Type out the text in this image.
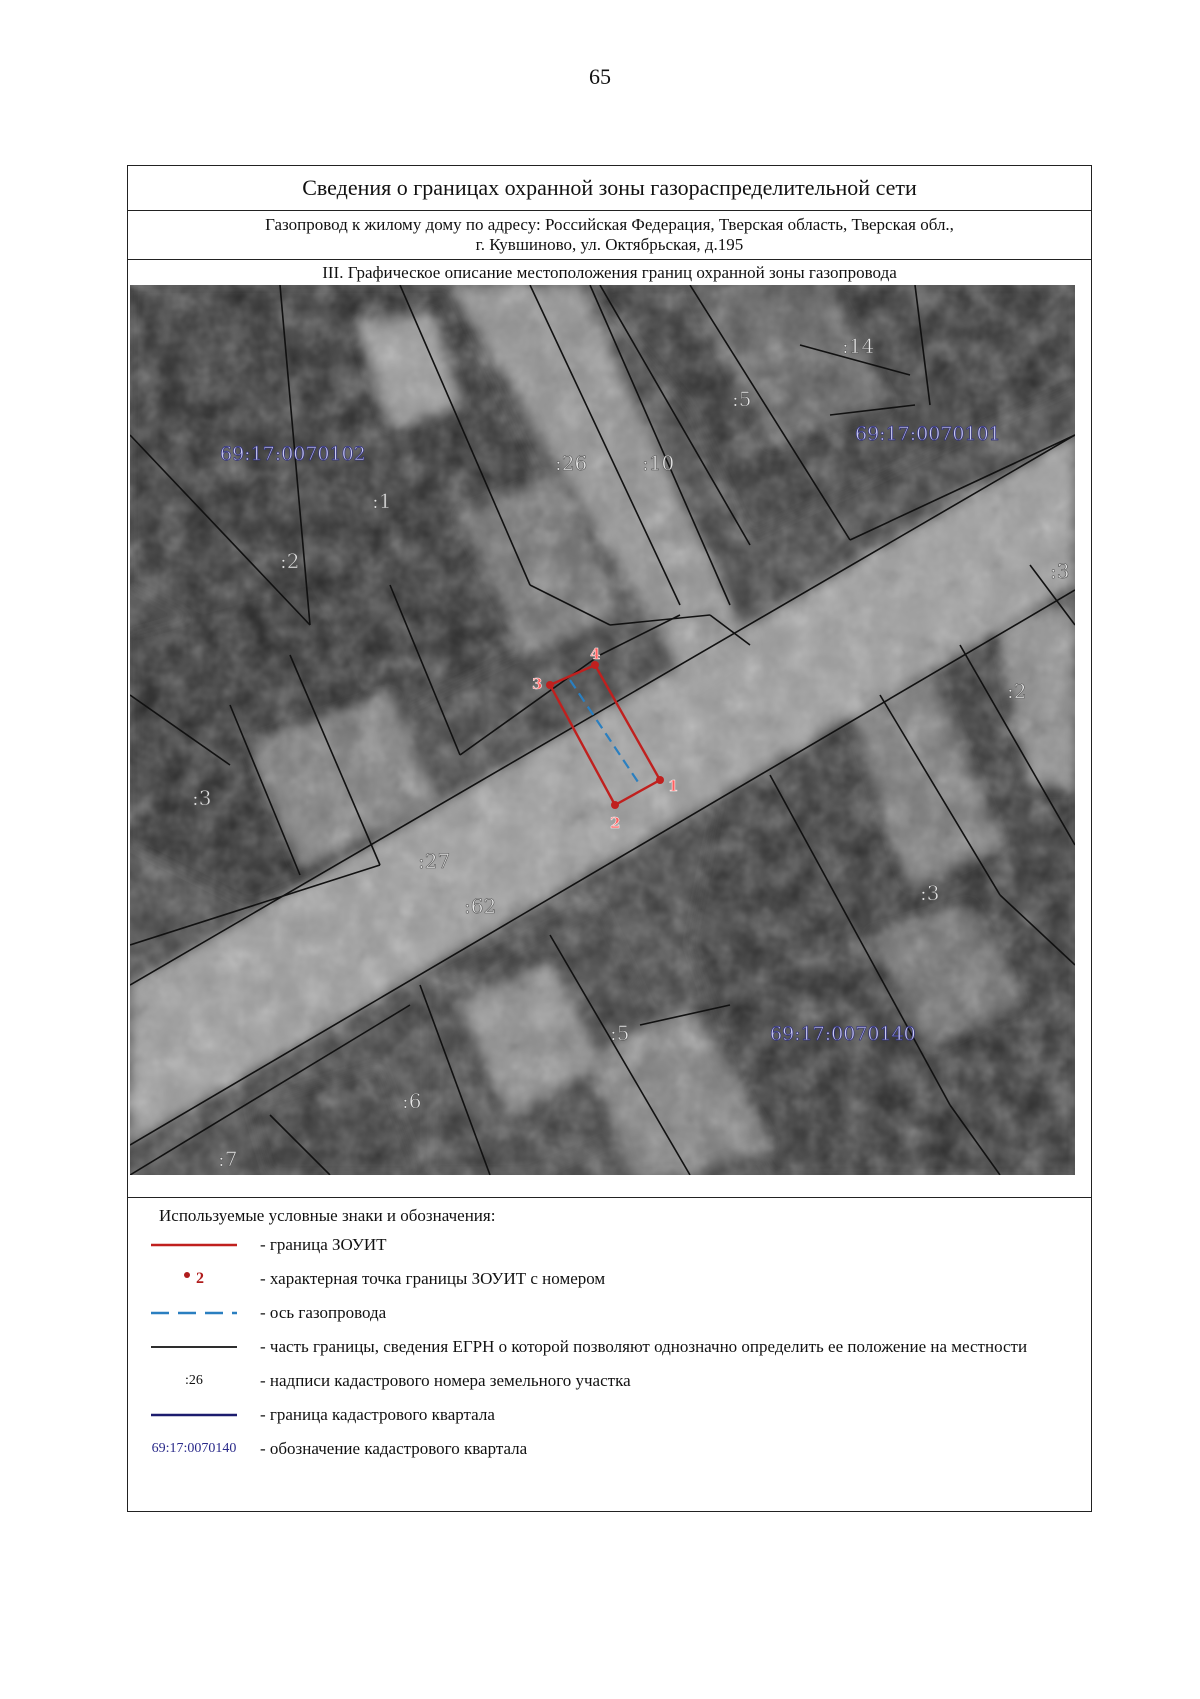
65
Сведения о границах охранной зоны газораспределительной сети
Газопровод к жилому дому по адресу: Российская Федерация, Тверская область, Тверская обл.,
г. Кувшиново, ул. Октябрьская, д.195
III. Графическое описание местоположения границ охранной зоны газопровода
1
2
3
4
:14
:5
:10
:26
:1
:2	:3
:2
:3
:3
:27
:62
:5
:6
:7
69:17:0070102
69:17:0070101
69:17:0070140
Используемые условные знаки и обозначения:
- граница ЗОУИТ
2	- характерная точка границы ЗОУИТ с номером
- ось газопровода
- часть границы, сведения ЕГРН о которой позволяют однозначно определить ее положение на местности
:26	- надписи кадастрового номера земельного участка
- граница кадастрового квартала
69:17:0070140 - обозначение кадастрового квартала
